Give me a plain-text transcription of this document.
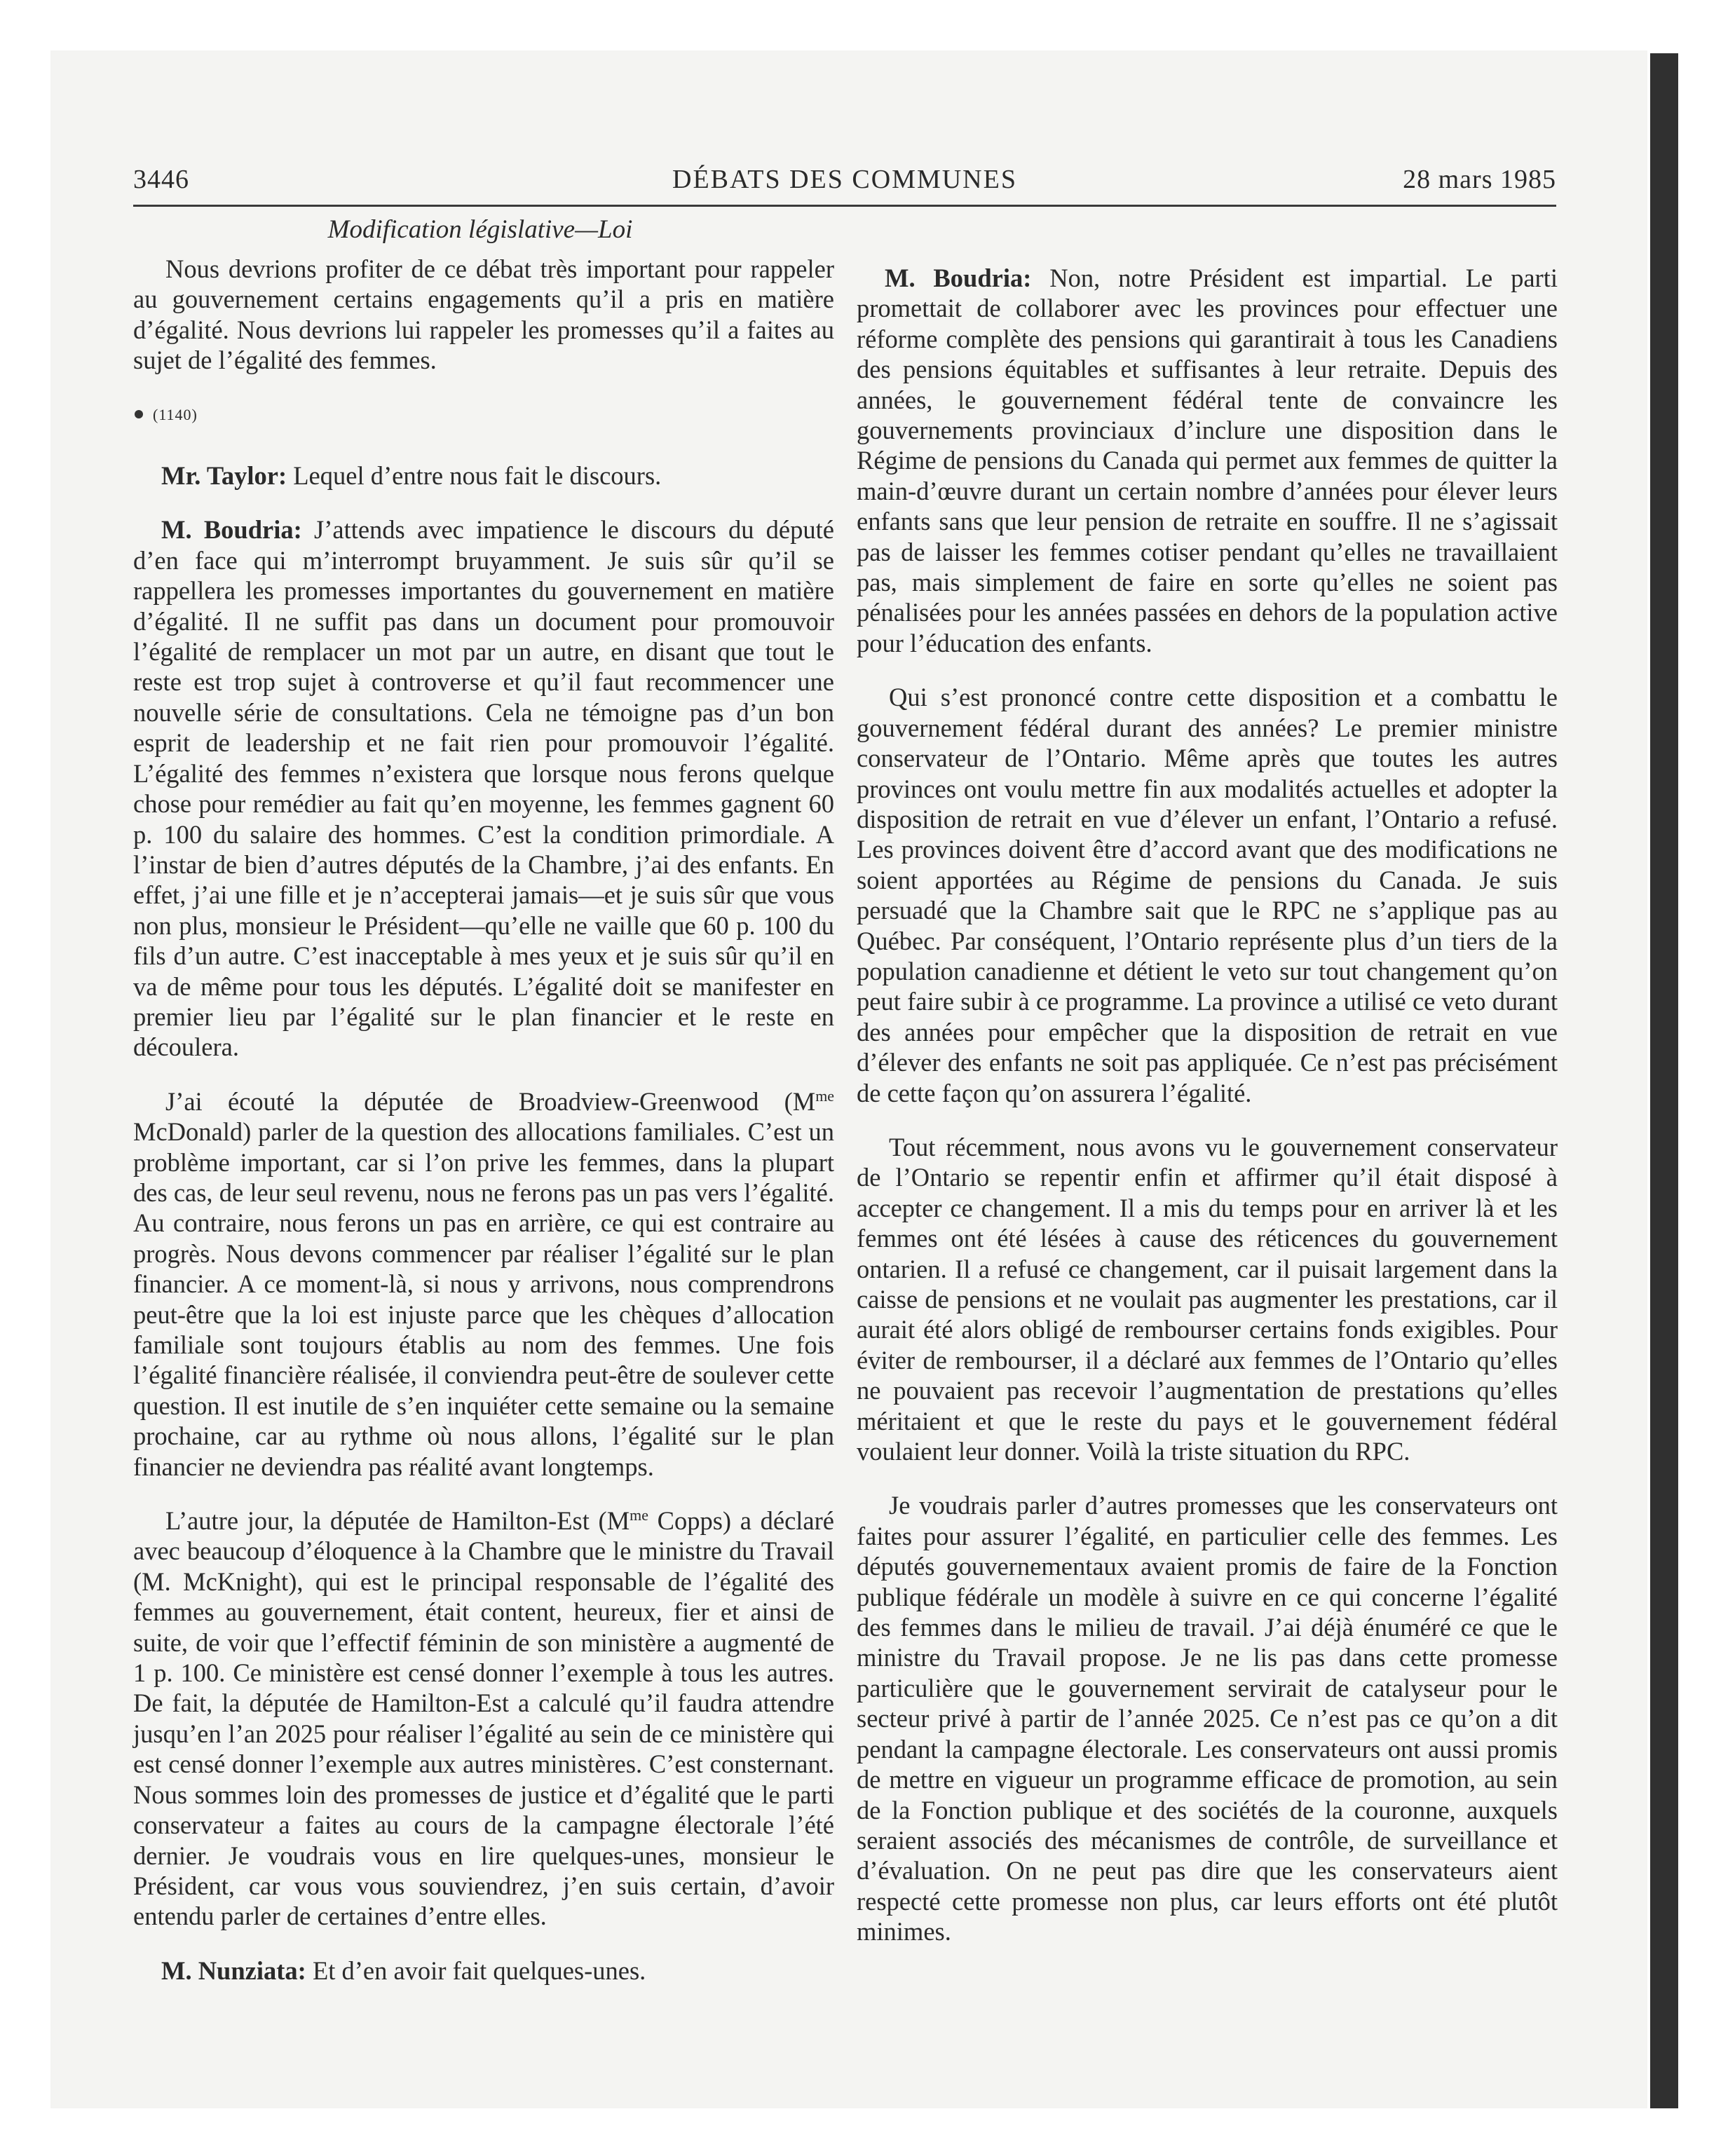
3446	DÉBATS DES COMMUNES	28 mars 1985
Modification législative—Loi

Nous devrions profiter de ce débat très important pour rappeler au gouvernement certains engagements qu’il a pris en matière d’égalité. Nous devrions lui rappeler les promesses qu’il a faites au sujet de l’égalité des femmes.

(1140)

Mr. Taylor: Lequel d’entre nous fait le discours.

M. Boudria: J’attends avec impatience le discours du député d’en face qui m’interrompt bruyamment. Je suis sûr qu’il se rappellera les promesses importantes du gouvernement en matière d’égalité. Il ne suffit pas dans un document pour promouvoir l’égalité de remplacer un mot par un autre, en disant que tout le reste est trop sujet à controverse et qu’il faut recommencer une nouvelle série de consultations. Cela ne témoigne pas d’un bon esprit de leadership et ne fait rien pour promouvoir l’égalité. L’égalité des femmes n’existera que lorsque nous ferons quelque chose pour remédier au fait qu’en moyenne, les femmes gagnent 60 p. 100 du salaire des hommes. C’est la condition primordiale. A l’instar de bien d’autres députés de la Chambre, j’ai des enfants. En effet, j’ai une fille et je n’accepterai jamais—et je suis sûr que vous non plus, monsieur le Président—qu’elle ne vaille que 60 p. 100 du fils d’un autre. C’est inacceptable à mes yeux et je suis sûr qu’il en va de même pour tous les députés. L’égalité doit se manifester en premier lieu par l’égalité sur le plan financier et le reste en découlera.

J’ai écouté la députée de Broadview-Greenwood ($M^{me}$ McDonald) parler de la question des allocations familiales. C’est un problème important, car si l’on prive les femmes, dans la plupart des cas, de leur seul revenu, nous ne ferons pas un pas vers l’égalité. Au contraire, nous ferons un pas en arrière, ce qui est contraire au progrès. Nous devons commencer par réaliser l’égalité sur le plan financier. A ce moment-là, si nous y arrivons, nous comprendrons peut-être que la loi est injuste parce que les chèques d’allocation familiale sont toujours établis au nom des femmes. Une fois l’égalité financière réalisée, il conviendra peut-être de soulever cette question. Il est inutile de s’en inquiéter cette semaine ou la semaine prochaine, car au rythme où nous allons, l’égalité sur le plan financier ne deviendra pas réalité avant longtemps.

L’autre jour, la députée de Hamilton-Est ($M^{me}$ Copps) a déclaré avec beaucoup d’éloquence à la Chambre que le ministre du Travail (M. McKnight), qui est le principal responsable de l’égalité des femmes au gouvernement, était content, heureux, fier et ainsi de suite, de voir que l’effectif féminin de son ministère a augmenté de 1 p. 100. Ce ministère est censé donner l’exemple à tous les autres. De fait, la députée de Hamilton-Est a calculé qu’il faudra attendre jusqu’en l’an 2025 pour réaliser l’égalité au sein de ce ministère qui est censé donner l’exemple aux autres ministères. C’est consternant. Nous sommes loin des promesses de justice et d’égalité que le parti conservateur a faites au cours de la campagne électorale l’été dernier. Je voudrais vous en lire quelques-unes, monsieur le Président, car vous vous souviendrez, j’en suis certain, d’avoir entendu parler de certaines d’entre elles.

M. Nunziata: Et d’en avoir fait quelques-unes.

M. Boudria: Non, notre Président est impartial. Le parti promettait de collaborer avec les provinces pour effectuer une réforme complète des pensions qui garantirait à tous les Canadiens des pensions équitables et suffisantes à leur retraite. Depuis des années, le gouvernement fédéral tente de convaincre les gouvernements provinciaux d’inclure une disposition dans le Régime de pensions du Canada qui permet aux femmes de quitter la main-d’œuvre durant un certain nombre d’années pour élever leurs enfants sans que leur pension de retraite en souffre. Il ne s’agissait pas de laisser les femmes cotiser pendant qu’elles ne travaillaient pas, mais simplement de faire en sorte qu’elles ne soient pas pénalisées pour les années passées en dehors de la population active pour l’éducation des enfants.

Qui s’est prononcé contre cette disposition et a combattu le gouvernement fédéral durant des années? Le premier ministre conservateur de l’Ontario. Même après que toutes les autres provinces ont voulu mettre fin aux modalités actuelles et adopter la disposition de retrait en vue d’élever un enfant, l’Ontario a refusé. Les provinces doivent être d’accord avant que des modifications ne soient apportées au Régime de pensions du Canada. Je suis persuadé que la Chambre sait que le RPC ne s’applique pas au Québec. Par conséquent, l’Ontario représente plus d’un tiers de la population canadienne et détient le veto sur tout changement qu’on peut faire subir à ce programme. La province a utilisé ce veto durant des années pour empêcher que la disposition de retrait en vue d’élever des enfants ne soit pas appliquée. Ce n’est pas précisément de cette façon qu’on assurera l’égalité.

Tout récemment, nous avons vu le gouvernement conservateur de l’Ontario se repentir enfin et affirmer qu’il était disposé à accepter ce changement. Il a mis du temps pour en arriver là et les femmes ont été lésées à cause des réticences du gouvernement ontarien. Il a refusé ce changement, car il puisait largement dans la caisse de pensions et ne voulait pas augmenter les prestations, car il aurait été alors obligé de rembourser certains fonds exigibles. Pour éviter de rembourser, il a déclaré aux femmes de l’Ontario qu’elles ne pouvaient pas recevoir l’augmentation de prestations qu’elles méritaient et que le reste du pays et le gouvernement fédéral voulaient leur donner. Voilà la triste situation du RPC.

Je voudrais parler d’autres promesses que les conservateurs ont faites pour assurer l’égalité, en particulier celle des femmes. Les députés gouvernementaux avaient promis de faire de la Fonction publique fédérale un modèle à suivre en ce qui concerne l’égalité des femmes dans le milieu de travail. J’ai déjà énuméré ce que le ministre du Travail propose. Je ne lis pas dans cette promesse particulière que le gouvernement servirait de catalyseur pour le secteur privé à partir de l’année 2025. Ce n’est pas ce qu’on a dit pendant la campagne électorale. Les conservateurs ont aussi promis de mettre en vigueur un programme efficace de promotion, au sein de la Fonction publique et des sociétés de la couronne, auxquels seraient associés des mécanismes de contrôle, de surveillance et d’évaluation. On ne peut pas dire que les conservateurs aient respecté cette promesse non plus, car leurs efforts ont été plutôt minimes.
